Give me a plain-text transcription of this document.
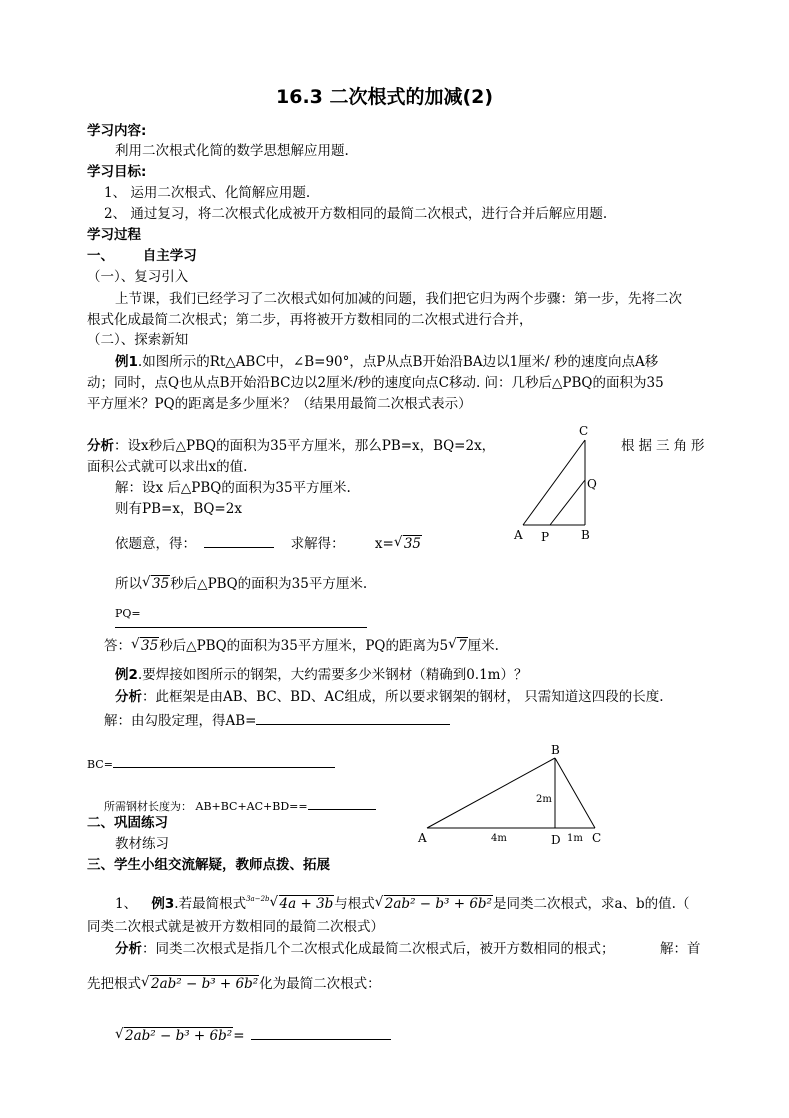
16.3 二次根式的加减(2)
学习内容:
利用二次根式化简的数学思想解应用题.
学习目标:
1、 运用二次根式、化简解应用题.
2、 通过复习，将二次根式化成被开方数相同的最简二次根式，进行合并后解应用题.
学习过程
一、 自主学习
（一）、复习引入
上节课，我们已经学习了二次根式如何加减的问题，我们把它归为两个步骤：第一步，先将二次
根式化成最简二次根式；第二步，再将被开方数相同的二次根式进行合并，
（二）、探索新知
例1.如图所示的Rt△ABC中，∠B=90°，点P从点B开始沿BA边以1厘米/ 秒的速度向点A移
动；同时，点Q也从点B开始沿BC边以2厘米/秒的速度向点C移动. 问：几秒后△PBQ的面积为35
平方厘米？PQ的距离是多少厘米？（结果用最简二次根式表示）
分析：设x秒后△PBQ的面积为35平方厘米，那么PB=x，BQ=2x，	根据三角形
面积公式就可以求出x的值.
解：设x 后△PBQ的面积为35平方厘米.
则有PB=x，BQ=2x
依题意，得：	求解得： x= √ 35
所以 √ 35秒后△PBQ的面积为35平方厘米.
PQ=
答： √ 35秒后△PBQ的面积为35平方厘米，PQ的距离为5 √ 7厘米.
A P	B
Q
C
例2.要焊接如图所示的钢架，大约需要多少米钢材（精确到0.1m）？
分析：此框架是由AB、BC、BD、AC组成，所以要求钢架的钢材， 只需知道这四段的长度.
解：由勾股定理，得AB=
BC=
所需钢材长度为： AB+BC+AC+BD==
A
B
C
D
2m
4m	1m
二、巩固练习
教材练习
三、学生小组交流解疑，教师点拨、拓展
1、 例3.若最简根式$^{3a-2b}$ √ 4a + 3b与根式 √ 2ab² − b³ + 6b²是同类二次根式，求a、b的值.（
同类二次根式就是被开方数相同的最简二次根式）
分析：同类二次根式是指几个二次根式化成最简二次根式后，被开方数相同的根式；	解：首
先把根式 √ 2ab² − b³ + 6b²化为最简二次根式：
√ 2ab² − b³ + 6b²=
